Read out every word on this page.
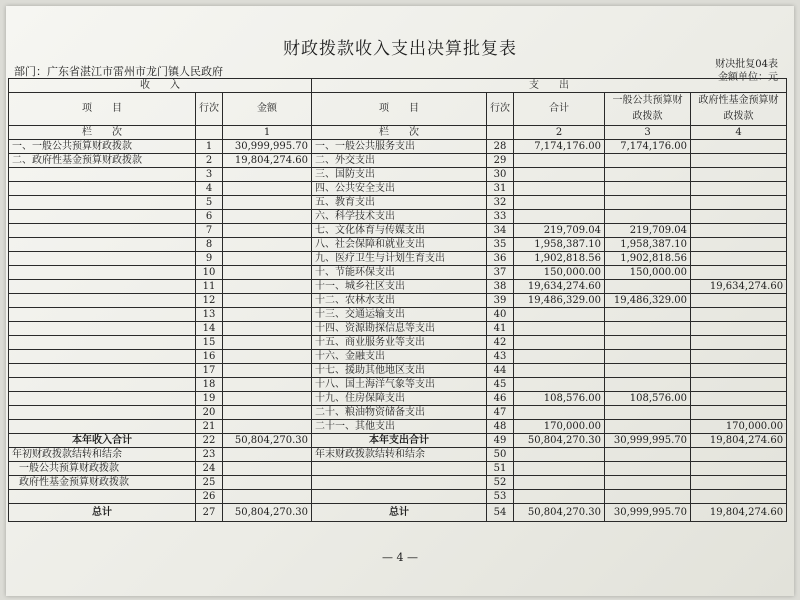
财政拨款收入支出决算批复表
部门：广东省湛江市雷州市龙门镇人民政府
财决批复04表
金额单位：元
收　　入			支　　出				
项　　目	行次	金额	项　　目	行次	合计	一般公共预算财政拨款	政府性基金预算财政拨款
栏　　次		1	栏　　次		2	3	4
一、一般公共预算财政拨款	1	30,999,995.70	一、一般公共服务支出	28	7,174,176.00	7,174,176.00	
二、政府性基金预算财政拨款	2	19,804,274.60	二、外交支出	29			
	3		三、国防支出	30			
	4		四、公共安全支出	31			
	5		五、教育支出	32			
	6		六、科学技术支出	33			
	7		七、文化体育与传媒支出	34	219,709.04	219,709.04	
	8		八、社会保障和就业支出	35	1,958,387.10	1,958,387.10	
	9		九、医疗卫生与计划生育支出	36	1,902,818.56	1,902,818.56	
	10		十、节能环保支出	37	150,000.00	150,000.00	
	11		十一、城乡社区支出	38	19,634,274.60		19,634,274.60
	12		十二、农林水支出	39	19,486,329.00	19,486,329.00	
	13		十三、交通运输支出	40			
	14		十四、资源勘探信息等支出	41			
	15		十五、商业服务业等支出	42			
	16		十六、金融支出	43			
	17		十七、援助其他地区支出	44			
	18		十八、国土海洋气象等支出	45			
	19		十九、住房保障支出	46	108,576.00	108,576.00	
	20		二十、粮油物资储备支出	47			
	21		二十一、其他支出	48	170,000.00		170,000.00
本年收入合计	22	50,804,270.30	本年支出合计	49	50,804,270.30	30,999,995.70	19,804,274.60
年初财政拨款结转和结余	23		年末财政拨款结转和结余	50			
一般公共预算财政拨款	24			51			
政府性基金预算财政拨款	25			52			
	26			53			
总计	27	50,804,270.30	总计	54	50,804,270.30	30,999,995.70	19,804,274.60
— 4 —
